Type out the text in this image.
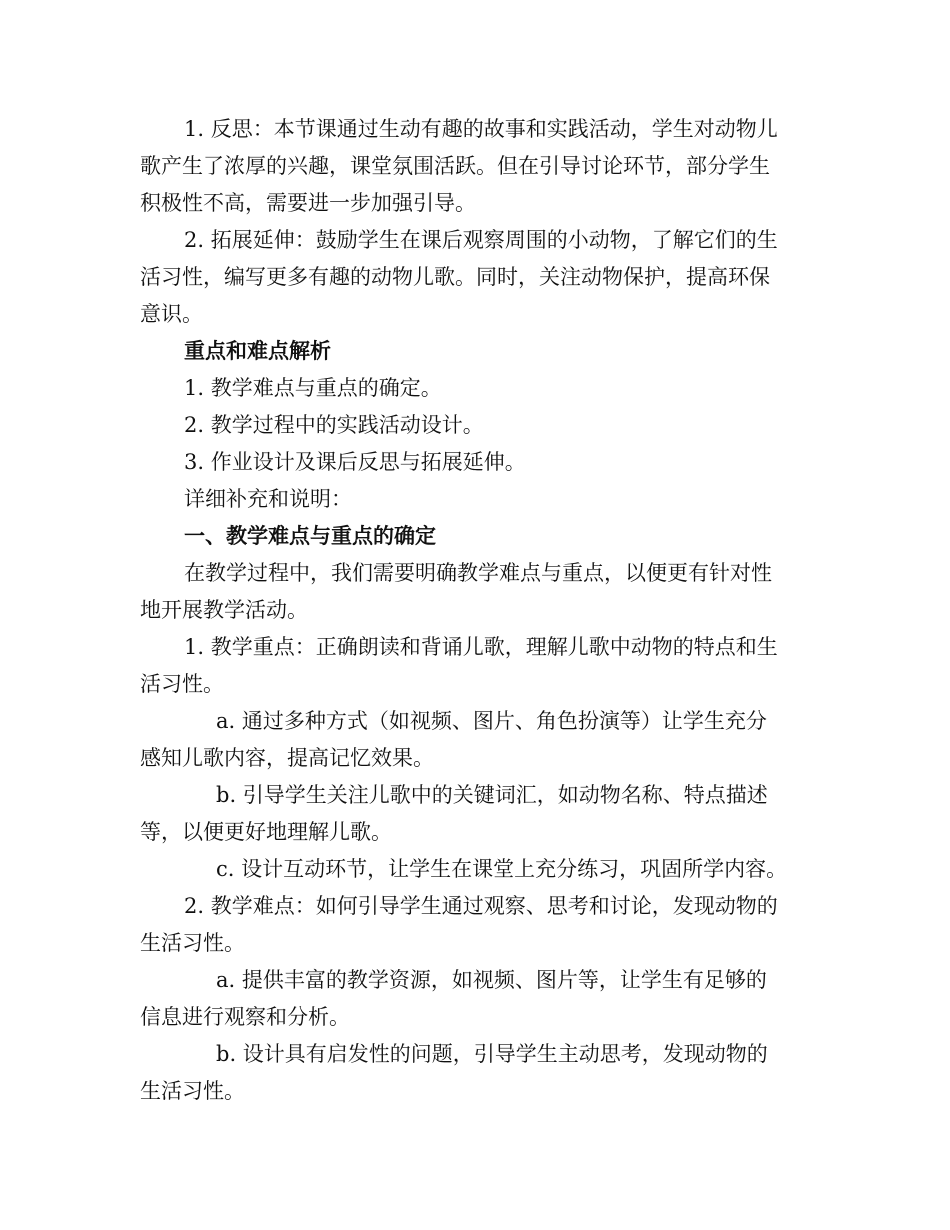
1. 反思：本节课通过生动有趣的故事和实践活动，学生对动物儿
歌产生了浓厚的兴趣，课堂氛围活跃。但在引导讨论环节，部分学生
积极性不高，需要进一步加强引导。
2. 拓展延伸：鼓励学生在课后观察周围的小动物，了解它们的生
活习性，编写更多有趣的动物儿歌。同时，关注动物保护，提高环保
意识。
重点和难点解析
1. 教学难点与重点的确定。
2. 教学过程中的实践活动设计。
3. 作业设计及课后反思与拓展延伸。
详细补充和说明：
一、教学难点与重点的确定
在教学过程中，我们需要明确教学难点与重点，以便更有针对性
地开展教学活动。
1. 教学重点：正确朗读和背诵儿歌，理解儿歌中动物的特点和生
活习性。
a. 通过多种方式（如视频、图片、角色扮演等）让学生充分
感知儿歌内容，提高记忆效果。
b. 引导学生关注儿歌中的关键词汇，如动物名称、特点描述
等，以便更好地理解儿歌。
c. 设计互动环节，让学生在课堂上充分练习，巩固所学内容。
2. 教学难点：如何引导学生通过观察、思考和讨论，发现动物的
生活习性。
a. 提供丰富的教学资源，如视频、图片等，让学生有足够的
信息进行观察和分析。
b. 设计具有启发性的问题，引导学生主动思考，发现动物的
生活习性。
